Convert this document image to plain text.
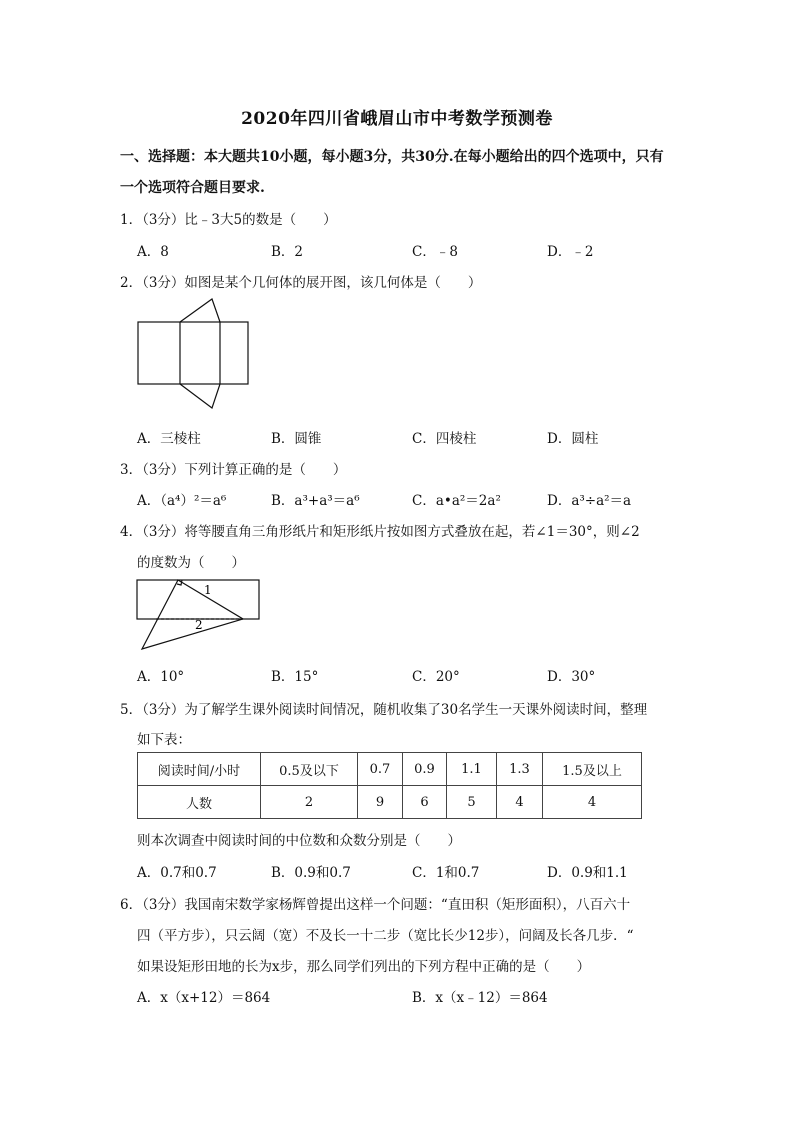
2020年四川省峨眉山市中考数学预测卷
一、选择题：本大题共10小题，每小题3分，共30分.在每小题给出的四个选项中，只有
一个选项符合题目要求.
1．（3分）比﹣3大5的数是（　　）
A．8	B．2	C．﹣8	D．﹣2
2．（3分）如图是某个几何体的展开图，该几何体是（　　）
A．三棱柱	B．圆锥	C．四棱柱	D．圆柱
3．（3分）下列计算正确的是（　　）
A．（a⁴）²＝a⁶	B．a³+a³＝a⁶	C．a•a²＝2a²	D．a³÷a²＝a
4．（3分）将等腰直角三角形纸片和矩形纸片按如图方式叠放在起，若∠1＝30°，则∠2
的度数为（　　）
1
2
A．10°	B．15°	C．20°	D．30°
5．（3分）为了解学生课外阅读时间情况，随机收集了30名学生一天课外阅读时间，整理
如下表：
阅读时间/小时	0.5及以下	0.7	0.9	1.1	1.3	1.5及以上
人数	2	9	6	5	4	4
则本次调查中阅读时间的中位数和众数分别是（　　）
A．0.7和0.7	B．0.9和0.7	C．1和0.7	D．0.9和1.1
6．（3分）我国南宋数学家杨辉曾提出这样一个问题：“直田积（矩形面积），八百六十
四（平方步），只云阔（宽）不及长一十二步（宽比长少12步），问阔及长各几步．“
如果设矩形田地的长为x步，那么同学们列出的下列方程中正确的是（　　）
A．x（x+12）＝864	B．x（x﹣12）＝864
